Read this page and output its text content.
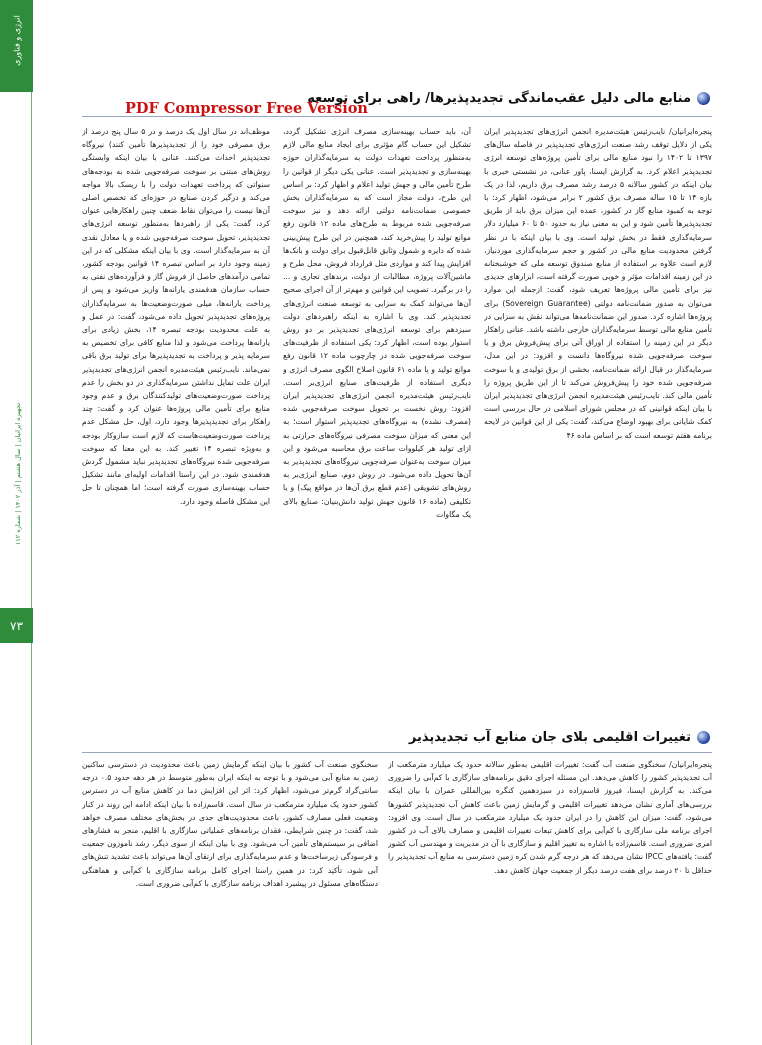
انرژی و فناوری
تجهیزه ایرانیان | سال هشتم | آذر ۱۴۰۲ | شماره ۱۱۲
۷۳
PDF Compressor Free Version
منابع مالی دلیل عقب‌ماندگی تجدیدپذیرها/ راهی برای توسعه

پنجره‌ایرانیان/ نایب‌رئیس هیئت‌مدیره انجمن انرژی‌های تجدیدپذیر ایران یکی از دلایل توقف رشد صنعت انرژی‌های تجدیدپذیر در فاصله سال‌های ۱۳۹۷ تا ۱۴۰۲ را نبود منابع مالی برای تأمین پروژه‌های توسعه انرژی تجدیدپذیر اعلام کرد. به گزارش ایسنا، پاور عنانی، در نشستی خبری با بیان اینکه در کشور سالانه ۵ درصد رشد مصرف برق داریم، لذا در یک بازه ۱۴ تا ۱۵ ساله مصرف برق کشور ۲ برابر می‌شود، اظهار کرد: با توجه به کمبود منابع گاز در کشور، عمده این میزان برق باید از طریق تجدیدپذیرها تأمین شود و این به معنی نیاز به حدود ۵۰ تا ۶۰ میلیارد دلار سرمایه‌گذاری فقط در بخش تولید است. وی با بیان اینکه با در نظر گرفتن محدودیت منابع مالی در کشور و حجم سرمایه‌گذاری موردنیاز، لازم است علاوه بر استفاده از منابع صندوق توسعه ملی که خوشبختانه در این زمینه اقدامات مؤثر و خوبی صورت گرفته است، ابزارهای جدیدی نیز برای تأمین مالی پروژه‌ها تعریف شود، گفت: ازجمله این موارد می‌توان به صدور ضمانت‌نامه دولتی (Sovereign Guarantee) برای پروژه‌ها اشاره کرد. صدور این ضمانت‌نامه‌ها می‌تواند نقش به سزایی در تأمین منابع مالی توسط سرمایه‌گذاران خارجی داشته باشد. عنانی راهکار دیگر در این زمینه را استفاده از اوراق آتی برای پیش‌فروش برق و یا سوخت صرفه‌جویی شده نیروگاه‌ها دانست و افزود: در این مدل، سرمایه‌گذار در قبال ارائه ضمانت‌نامه، بخشی از برق تولیدی و یا سوخت صرفه‌جویی شده خود را پیش‌فروش می‌کند تا از این طریق پروژه را تأمین مالی کند. نایب‌رئیس هیئت‌مدیره انجمن انرژی‌های تجدیدپذیر ایران با بیان اینکه قوانینی که در مجلس شورای اسلامی در حال بررسی است کمک شایانی برای بهبود اوضاع می‌کند، گفت: یکی از این قوانین در لایحه برنامه هفتم توسعه است که بر اساس ماده ۴۶

آن، باید حساب بهینه‌سازی مصرف انرژی تشکیل گردد، تشکیل این حساب گام مؤثری برای ایجاد منابع مالی لازم به‌منظور پرداخت تعهدات دولت به سرمایه‌گذاران حوزه بهینه‌سازی و تجدیدپذیر است. عنانی یکی دیگر از قوانین را طرح تأمین مالی و جهش تولید اعلام و اظهار کرد: بر اساس این طرح، دولت مجاز است که به سرمایه‌گذاران بخش خصوصی ضمانت‌نامه دولتی ارائه دهد و نیز سوخت صرفه‌جویی شده مربوط به طرح‌های ماده ۱۲ قانون رفع موانع تولید را پیش‌خرید کند، همچنین در این طرح پیش‌بینی شده که دایره و شمول وثایق قابل‌قبول برای دولت و بانک‌ها افزایش پیدا کند و مواردی مثل قرارداد فروش، محل طرح و ماشین‌آلات پروژه، مطالبات از دولت، برندهای تجاری و ... را در برگیرد. تصویب این قوانین و مهم‌تر از آن اجرای صحیح آن‌ها می‌تواند کمک به سزایی به توسعه صنعت انرژی‌های تجدیدپذیر کند. وی با اشاره به اینکه راهبردهای دولت سیزدهم برای توسعه انرژی‌های تجدیدپذیر بر دو روش استوار بوده است، اظهار کرد: یکی استفاده از ظرفیت‌های سوخت صرفه‌جویی شده در چارچوب ماده ۱۲ قانون رفع موانع تولید و یا ماده ۶۱ قانون اصلاح الگوی مصرف انرژی و دیگری استفاده از ظرفیت‌های صنایع انرژی‌بر است. نایب‌رئیس هیئت‌مدیره انجمن انرژی‌های تجدیدپذیر ایران افزود: روش نخست بر تحویل سوخت صرفه‌جویی شده (مصرف نشده) به نیروگاه‌های تجدیدپذیر استوار است؛ به این معنی که میزان سوخت مصرفی نیروگاه‌های حرارتی به ازای تولید هر کیلووات ساعت برق محاسبه می‌شود و این میزان سوخت به‌عنوان صرفه‌جویی نیروگاه‌های تجدیدپذیر به آن‌ها تحویل داده می‌شود. در روش دوم، صنایع انرژی‌بر به روش‌های تشویقی (عدم قطع برق آن‌ها در مواقع پیک) و یا تکلیفی (ماده ۱۶ قانون جهش تولید دانش‌بنیان: صنایع بالای یک مگاوات

موظف‌اند در سال اول یک درصد و در ۵ سال پنج درصد از برق مصرفی خود را از تجدیدپذیرها تأمین کنند) نیروگاه تجدیدپذیر احداث می‌کنند. عنانی با بیان اینکه وابستگی روش‌های مبتنی بر سوخت صرفه‌جویی شده به بودجه‌های سنواتی که پرداخت تعهدات دولت را با ریسک بالا مواجه می‌کند و درگیر کردن صنایع در حوزه‌ای که تخصص اصلی آن‌ها نیست را می‌توان نقاط ضعف چنین راهکارهایی عنوان کرد، گفت: یکی از راهبردها به‌منظور توسعه انرژی‌های تجدیدپذیر، تحویل سوخت صرفه‌جویی شده و یا معادل نقدی آن به سرمایه‌گذار است. وی با بیان اینکه مشکلی که در این زمینه وجود دارد بر اساس تبصره ۱۴ قوانین بودجه کشور، تمامی درآمدهای حاصل از فروش گاز و فرآورده‌های نفتی به حساب سازمان هدفمندی یارانه‌ها واریز می‌شود و پس از پرداخت یارانه‌ها، میلی صورت‌وضعیت‌ها به سرمایه‌گذاران پروژه‌های تجدیدپذیر تحویل داده می‌شود، گفت: در عمل و به علت محدودیت بودجه تبصره ۱۴، بخش زیادی برای یارانه‌ها پرداخت می‌شود و لذا منابع کافی برای تخصیص به سرمایه پذیر و پرداخت به تجدیدپذیرها برای تولید برق باقی نمی‌ماند. نایب‌رئیس هیئت‌مدیره انجمن انرژی‌های تجدیدپذیر ایران علت تمایل نداشتن سرمایه‌گذاری در دو بخش را عدم پرداخت صورت‌وضعیت‌های تولیدکنندگان برق و عدم وجود منابع برای تأمین مالی پروژه‌ها عنوان کرد و گفت: چند راهکار برای تجدیدپذیرها وجود دارد، اول، حل مشکل عدم پرداخت صورت‌وضعیت‌هاست که لازم است سازوکار بودجه و به‌ویژه تبصره ۱۴ تغییر کند. به این معنا که سوخت صرفه‌جویی شده نیروگاه‌های تجدیدپذیر نباید مشمول گردش هدفمندی شود. در این راستا اقدامات اولیه‌ای مانند تشکیل حساب بهینه‌سازی صورت گرفته است؛ اما همچنان تا حل این مشکل فاصله وجود دارد.

تغییرات اقلیمی بلای جان منابع آب تجدیدپذیر

پنجره‌ایرانیان/ سخنگوی صنعت آب گفت: تغییرات اقلیمی به‌طور سالانه حدود یک میلیارد مترمکعب از آب تجدیدپذیر کشور را کاهش می‌دهد. این مسئله اجرای دقیق برنامه‌های سازگاری با کم‌آبی را ضروری می‌کند. به گزارش ایسنا، فیروز قاسم‌زاده در سیزدهمین کنگره بین‌المللی عمران با بیان اینکه بررسی‌های آماری نشان می‌دهد تغییرات اقلیمی و گرمایش زمین باعث کاهش آب تجدیدپذیر کشورها می‌شود، گفت: میزان این کاهش را در ایران حدود یک میلیارد مترمکعب در سال است. وی افزود: اجرای برنامه ملی سازگاری با کم‌آبی برای کاهش تبعات تغییرات اقلیمی و مصارف بالای آب در کشور امری ضروری است. قاسم‌زاده با اشاره به تغییر اقلیم و سازگاری با آن در مدیریت و مهندسی آب کشور گفت: یافته‌های IPCC نشان می‌دهد که هر درجه گرم شدن کره زمین دسترسی به منابع آب تجدیدپذیر را حداقل تا ۲۰ درصد برای هفت درصد دیگر از جمعیت جهان کاهش دهد.

سخنگوی صنعت آب کشور با بیان اینکه گرمایش زمین باعث محدودیت در دسترسی ساکنین زمین به منابع آبی می‌شود و با توجه به اینکه ایران به‌طور متوسط در هر دهه حدود ۰.۵ درجه سانتی‌گراد گرم‌تر می‌شود، اظهار کرد: اثر این افزایش دما در کاهش منابع آب در دسترس کشور حدود یک میلیارد مترمکعب در سال است. قاسم‌زاده با بیان اینکه ادامه این روند در کنار وضعیت فعلی مصارف کشور، باعث محدودیت‌های جدی در بخش‌های مختلف مصرف خواهد شد، گفت: در چنین شرایطی، فقدان برنامه‌های عملیاتی سازگاری با اقلیم، منجر به فشارهای اضافی بر سیستم‌های تأمین آب می‌شود. وی با بیان اینکه از سوی دیگر، رشد ناموزون جمعیت و فرسودگی زیرساخت‌ها و عدم سرمایه‌گذاری برای ارتقای آن‌ها می‌تواند باعث تشدید تنش‌های آبی شود، تأکید کرد: در همین راستا اجرای کامل برنامه سازگاری با کم‌آبی و هماهنگی دستگاه‌های مسئول در پیشبرد اهداف برنامه سازگاری با کم‌آبی ضروری است.
